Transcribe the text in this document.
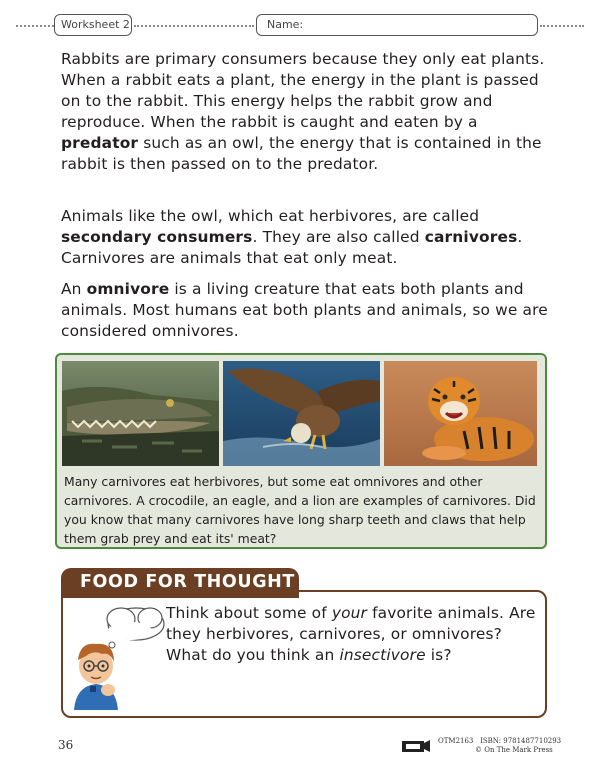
Worksheet 2	Name:

Rabbits are primary consumers because they only eat plants. When a rabbit eats a plant, the energy in the plant is passed on to the rabbit. This energy helps the rabbit grow and reproduce. When the rabbit is caught and eaten by a predator such as an owl, the energy that is contained in the rabbit is then passed on to the predator.

Animals like the owl, which eat herbivores, are called secondary consumers. They are also called carnivores. Carnivores are animals that eat only meat.

An omnivore is a living creature that eats both plants and animals. Most humans eat both plants and animals, so we are considered omnivores.

Many carnivores eat herbivores, but some eat omnivores and other carnivores. A crocodile, an eagle, and a lion are examples of carnivores. Did you know that many carnivores have long sharp teeth and claws that help them grab prey and eat its' meat?

FOOD FOR THOUGHT

Think about some of your favorite animals. Are they herbivores, carnivores, or omnivores? What do you think an insectivore is?

36	OTM2163 ISBN: 9781487710293
© On The Mark Press
